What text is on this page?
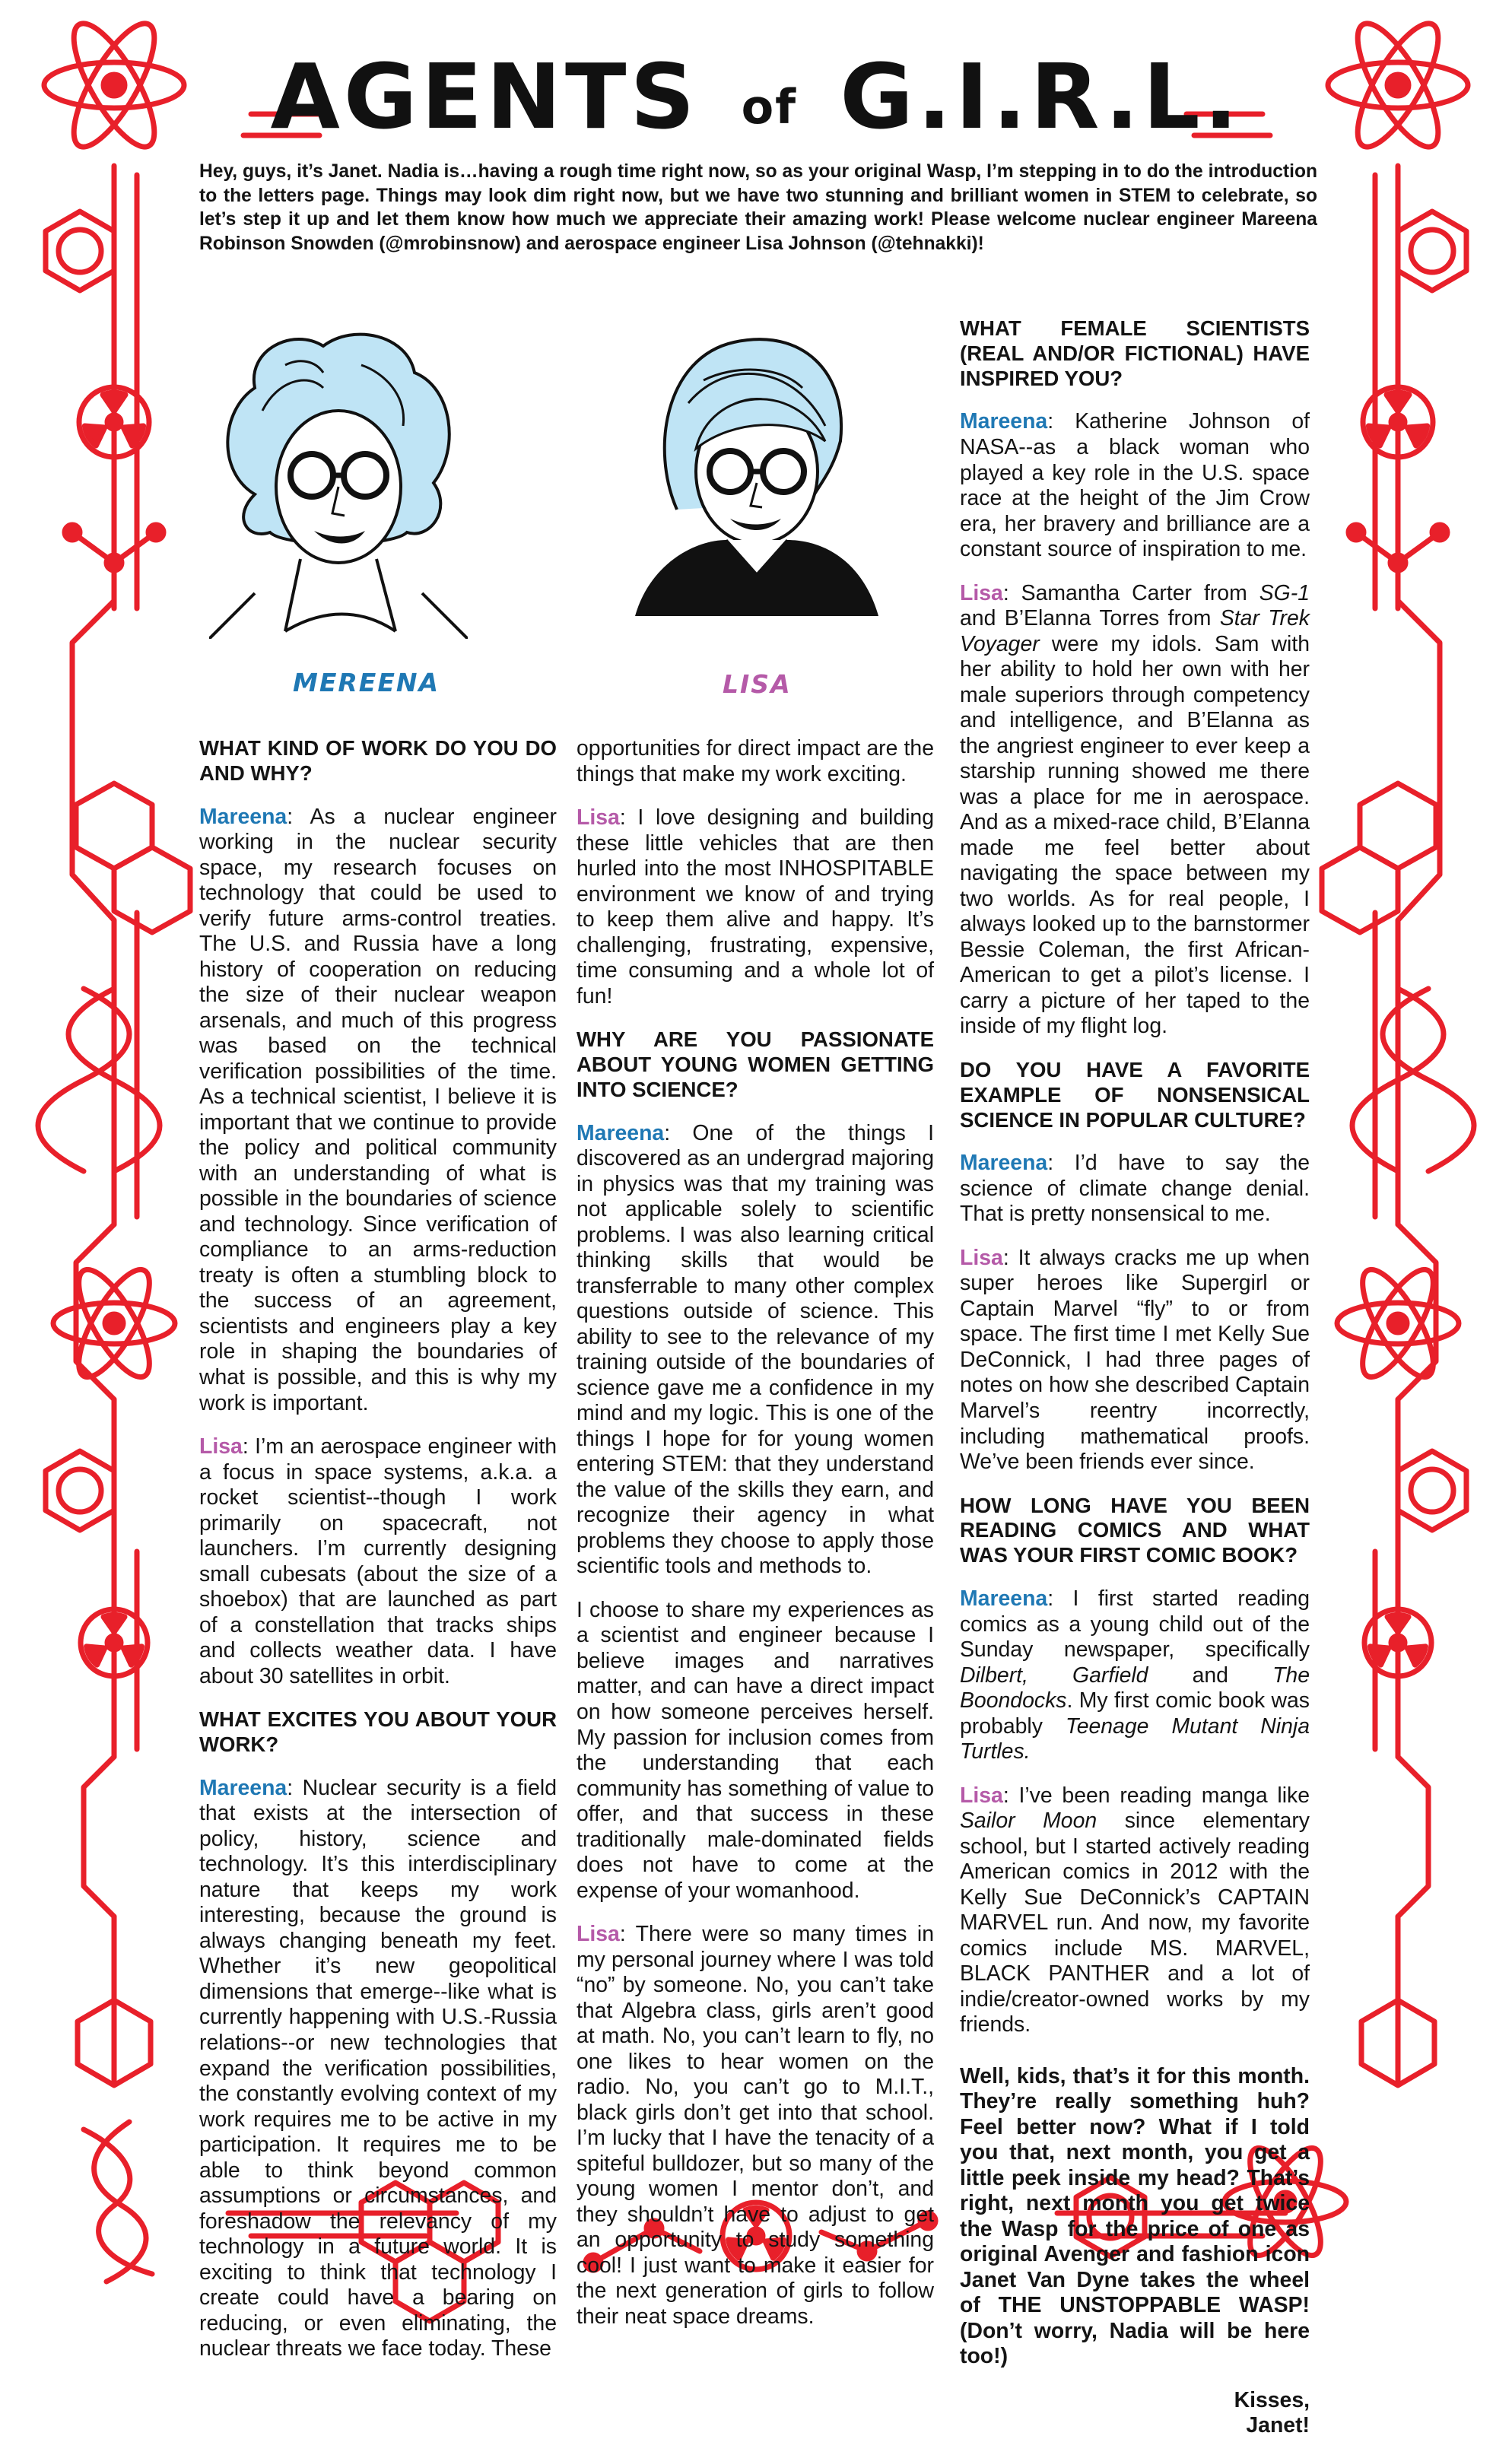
AGENTS of G.I.R.L.

Hey, guys, it’s Janet. Nadia is…having a rough time right now, so as your original Wasp, I’m stepping in to do the introduction to the letters page. Things may look dim right now, but we have two stunning and brilliant women in STEM to celebrate, so let’s step it up and let them know how much we appreciate their amazing work! Please welcome nuclear engineer Mareena Robinson Snowden (@mrobinsnow) and aerospace engineer Lisa Johnson (@tehnakki)!

MEREENA	LISA
WHAT KIND OF WORK DO YOU DO AND WHY?

Mareena: As a nuclear engineer working in the nuclear security space, my research focuses on technology that could be used to verify future arms-control treaties. The U.S. and Russia have a long history of cooperation on reducing the size of their nuclear weapon arsenals, and much of this progress was based on the technical verification possibilities of the time. As a technical scientist, I believe it is important that we continue to provide the policy and political community with an understanding of what is possible in the boundaries of science and technology. Since verification of compliance to an arms-reduction treaty is often a stumbling block to the success of an agreement, scientists and engineers play a key role in shaping the boundaries of what is possible, and this is why my work is important.

Lisa: I’m an aerospace engineer with a focus in space systems, a.k.a. a rocket scientist--though I work primarily on spacecraft, not launchers. I’m currently designing small cubesats (about the size of a shoebox) that are launched as part of a constellation that tracks ships and collects weather data. I have about 30 satellites in orbit.

WHAT EXCITES YOU ABOUT YOUR WORK?

Mareena: Nuclear security is a field that exists at the intersection of policy, history, science and technology. It’s this interdisciplinary nature that keeps my work interesting, because the ground is always changing beneath my feet. Whether it’s new geopolitical dimensions that emerge--like what is currently happening with U.S.-Russia relations--or new technologies that expand the verification possibilities, the constantly evolving context of my work requires me to be active in my participation. It requires me to be able to think beyond common assumptions or circumstances, and foreshadow the relevancy of my technology in a future world. It is exciting to think that technology I create could have a bearing on reducing, or even eliminating, the nuclear threats we face today. These

opportunities for direct impact are the things that make my work exciting.

Lisa: I love designing and building these little vehicles that are then hurled into the most INHOSPITABLE environment we know of and trying to keep them alive and happy. It’s challenging, frustrating, expensive, time consuming and a whole lot of fun!

WHY ARE YOU PASSIONATE ABOUT YOUNG WOMEN GETTING INTO SCIENCE?

Mareena: One of the things I discovered as an undergrad majoring in physics was that my training was not applicable solely to scientific problems. I was also learning critical thinking skills that would be transferrable to many other complex questions outside of science. This ability to see to the relevance of my training outside of the boundaries of science gave me a confidence in my mind and my logic. This is one of the things I hope for for young women entering STEM: that they understand the value of the skills they earn, and recognize their agency in what problems they choose to apply those scientific tools and methods to.

I choose to share my experiences as a scientist and engineer because I believe images and narratives matter, and can have a direct impact on how someone perceives herself. My passion for inclusion comes from the understanding that each community has something of value to offer, and that success in these traditionally male-dominated fields does not have to come at the expense of your womanhood.

Lisa: There were so many times in my personal journey where I was told “no” by someone. No, you can’t take that Algebra class, girls aren’t good at math. No, you can’t learn to fly, no one likes to hear women on the radio. No, you can’t go to M.I.T., black girls don’t get into that school. I’m lucky that I have the tenacity of a spiteful bulldozer, but so many of the young women I mentor don’t, and they shouldn’t have to adjust to get an opportunity to study something cool! I just want to make it easier for the next generation of girls to follow their neat space dreams.

WHAT FEMALE SCIENTISTS (REAL AND/OR FICTIONAL) HAVE INSPIRED YOU?

Mareena: Katherine Johnson of NASA--as a black woman who played a key role in the U.S. space race at the height of the Jim Crow era, her bravery and brilliance are a constant source of inspiration to me.

Lisa: Samantha Carter from SG-1 and B’Elanna Torres from Star Trek Voyager were my idols. Sam with her ability to hold her own with her male superiors through competency and intelligence, and B’Elanna as the angriest engineer to ever keep a starship running showed me there was a place for me in aerospace. And as a mixed-race child, B’Elanna made me feel better about navigating the space between my two worlds. As for real people, I always looked up to the barnstormer Bessie Coleman, the first African-American to get a pilot’s license. I carry a picture of her taped to the inside of my flight log.

DO YOU HAVE A FAVORITE EXAMPLE OF NONSENSICAL SCIENCE IN POPULAR CULTURE?

Mareena: I’d have to say the science of climate change denial. That is pretty nonsensical to me.

Lisa: It always cracks me up when super heroes like Supergirl or Captain Marvel “fly” to or from space. The first time I met Kelly Sue DeConnick, I had three pages of notes on how she described Captain Marvel’s reentry incorrectly, including mathematical proofs. We’ve been friends ever since.

HOW LONG HAVE YOU BEEN READING COMICS AND WHAT WAS YOUR FIRST COMIC BOOK?

Mareena: I first started reading comics as a young child out of the Sunday newspaper, specifically Dilbert, Garfield and The Boondocks. My first comic book was probably Teenage Mutant Ninja Turtles.

Lisa: I’ve been reading manga like Sailor Moon since elementary school, but I started actively reading American comics in 2012 with the Kelly Sue DeConnick’s CAPTAIN MARVEL run. And now, my favorite comics include MS. MARVEL, BLACK PANTHER and a lot of indie/creator-owned works by my friends.

Well, kids, that’s it for this month. They’re really something huh? Feel better now? What if I told you that, next month, you get a little peek inside my head? That’s right, next month you get twice the Wasp for the price of one as original Avenger and fashion icon Janet Van Dyne takes the wheel of THE UNSTOPPABLE WASP! (Don’t worry, Nadia will be here too!)

Kisses,
Janet!
